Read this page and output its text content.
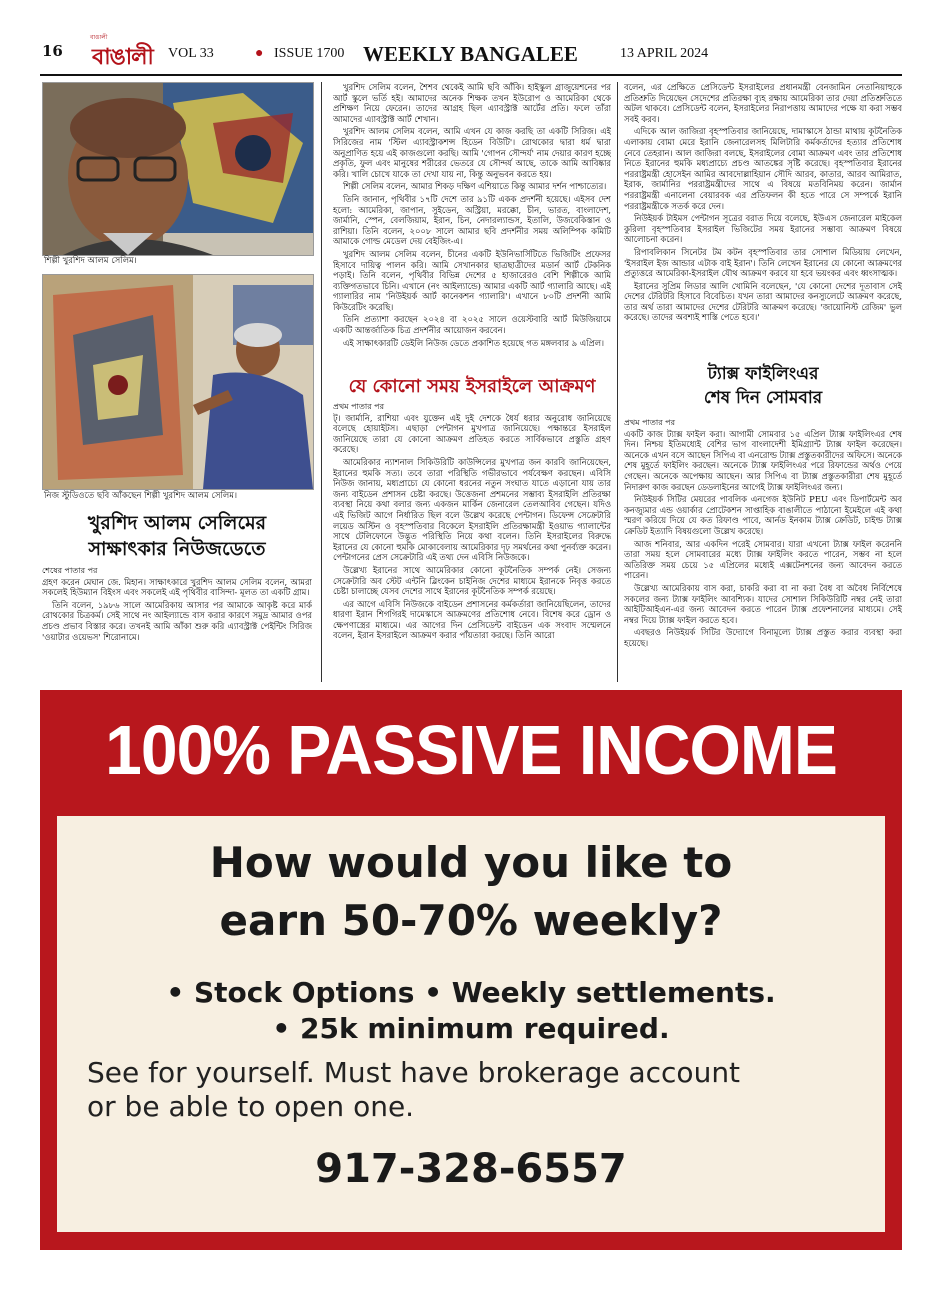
16
বাঙালী
বাঙালী VOL 33	● ISSUE 1700 WEEKLY BANGALEE	13 APRIL 2024
শিল্পী খুরশিদ আলম সেলিম।
নিজ স্টুডিওতে ছবি আঁকছেন শিল্পী খুরশিদ আলম সেলিম।
খুরশিদ আলম সেলিমের
সাক্ষাৎকার নিউজডেতে
শেষের পাতার পর

গ্রহণ করেন মেঘান জে. মিহান। সাক্ষাৎকারে খুরশিদ আলম সেলিম বলেন, আমরা সকলেই হিউম্যান বিইংস এবং সকলেই এই পৃথিবীর বাসিন্দা- মূলত তা একটি গ্রাম।

তিনি বলেন, ১৯৮৬ সালে আমেরিকায় আসার পর আমাকে আকৃষ্ট করে মার্ক রোথকোর চিত্রকর্ম। সেই সাথে নং আইল্যান্ডে বাস করার কারণে সমুদ্র আমার ওপর প্রচণ্ড প্রভাব বিস্তার করে। তখনই আমি আঁকা শুরু করি এ্যাবস্ট্রাক্ট পেইন্টিং সিরিজ 'ওয়াটার ওয়েভস' শিরোনামে।

খুরশিদ সেলিম বলেন, শৈশব থেকেই আমি ছবি আঁকি। হাইস্কুল গ্রাজুয়েশনের পর আর্ট স্কুলে ভর্তি হই। আমাদের অনেক শিক্ষক তখন ইউরোপ ও আমেরিকা থেকে প্রশিক্ষণ নিয়ে ফেরেন। তাদের আগ্রহ ছিল এ্যাবস্ট্রাক্ট আর্টের প্রতি। ফলে তাঁরা আমাদের এ্যাবস্ট্রাক্ট আর্ট শেখান।

খুরশিদ আলম সেলিম বলেন, আমি এখন যে কাজ করছি তা একটি সিরিজ। এই সিরিজের নাম 'স্টিল এ্যাবস্ট্রাকশন্স হিডেন বিউটি'। রোথকোর দ্বারা ধর্ম দ্বারা অনুপ্রাণিত হয়ে এই কাজগুলো করছি। আমি 'গোপন সৌন্দর্য' নাম দেয়ার কারণ হচ্ছে প্রকৃতি, ফুল এবং মানুষের শরীরের ভেতরে যে সৌন্দর্য আছে, তাকে আমি আবিষ্কার করি। খালি চোখে যাকে তা দেখা যায় না, কিন্তু অনুভবন করতে হয়।

শিল্পী সেলিম বলেন, আমার শিকড় দক্ষিণ এশিয়াতে কিন্তু আমার দর্শন পাশ্চাত্যের।

তিনি জানান, পৃথিবীর ১৭টি দেশে তার ৯১টি একক প্রদর্শনী হয়েছে। এইসব দেশ হলো: আমেরিকা, জাপান, সুইডেন, অস্ট্রিয়া, মরক্কো, চীন, ভারত, বাংলাদেশ, জার্মানি, স্পেন, বেলজিয়াম, ইরান, চিন, নেদারল্যান্ডস, ইতালি, উজবেকিস্তান ও রাশিয়া। তিনি বলেন, ২০০৮ সালে আমার ছবি প্রদর্শনীর সময় অলিম্পিক কমিটি আমাকে গোল্ড মেডেল দেয় বেইজিং-এ।

খুরশিদ আলম সেলিম বলেন, চীনের একটি ইউনিভার্সিটিতে ভিজিটিং প্রফেসর হিসাবে দায়িত্ব পালন করি। আমি সেখানকার ছাত্রছাত্রীদের মডার্ন আর্ট টেকনিক পড়াই। তিনি বলেন, পৃথিবীর বিভিন্ন দেশের ৫ হাজারেরও বেশি শিল্পীকে আমি ব্যক্তিগতভাবে চিনি। এখানে (নং আইল্যান্ডে) আমার একটি আর্ট গ্যালারি আছে। এই গ্যালারির নাম 'নিউইয়র্ক আর্ট কানেকশন গ্যালারি'। এখানে ৮০টি প্রদর্শনী আমি কিউরেটিং করেছি।

তিনি প্রত্যাশা করছেন ২০২৪ বা ২০২৫ সালে ওয়েস্টবারি আর্ট মিউজিয়ামে একটি আন্তর্জাতিক চিত্র প্রদর্শনীর আয়োজন করবেন।

এই সাক্ষাৎকারটি ডেইলি নিউজ ডেতে প্রকাশিত হয়েছে গত মঙ্গলবার ৯ এপ্রিল।

যে কোনো সময় ইসরাইলে আক্রমণ
প্রথম পাতার পর

ট্। জার্মানি, রাশিয়া এবং যুক্তেন এই দুই দেশকে ধৈর্য ধরার অনুরোধ জানিয়েছে বলেছে হোয়াইটস। এছাড়া পেন্টাগন মুখপাত্র জানিয়েছে। পক্ষান্তরে ইসরাইল জানিয়েছে তারা যে কোনো আক্রমণ প্রতিহত করতে সার্বিকভাবে প্রস্তুতি গ্রহণ করেছে।

আমেরিকার ন্যাশনাল সিকিউরিটি কাউন্সিলের মুখপাত্র জন কারবি জানিয়েছেন, ইরানের হুমকি সত্য। তবে তারা পরিস্থিতি গভীরভাবে পর্যবেক্ষণ করছেন। এবিসি নিউজ জানায়, মধ্যপ্রাচ্যে যে কোনো ধরনের নতুন সংঘাত যাতে এড়ানো যায় তার জন্য বাইডেন প্রশাসন চেষ্টা করছে। উত্তেজনা প্রশমনের সম্ভাব্য ইসরাইলি প্রতিরক্ষা ব্যবস্থা নিয়ে কথা বলার জন্য একজন মার্কিন জেনারেল তেলআবিব গেছেন। যদিও এই ভিজিট আগে নির্ধারিত ছিল বলে উল্লেখ করেছে পেন্টাগন। ডিফেন্স সেক্রেটারি লয়েড অস্টিন ও বৃহস্পতিবার বিকেলে ইসরাইলি প্রতিরক্ষামন্ত্রী ইওয়াভ গ্যালান্টের সাথে টেলিফোনে উদ্ভূত পরিস্থিতি নিয়ে কথা বলেন। তিনি ইসরাইলের বিরুদ্ধে ইরানের যে কোনো হুমকি মোকাবেলায় আমেরিকার দৃঢ় সমর্থনের কথা পুনর্ব্যক্ত করেন। পেন্টাগনের প্রেস সেক্রেটারি এই তথ্য দেন এবিসি নিউজকে।

উল্লেখ্য ইরানের সাথে আমেরিকার কোনো কূটনৈতিক সম্পর্ক নেই। সেজন্য সেক্রেটারি অব স্টেট এন্টনি ব্লিংকেন চাইনিজ দেশের মাধ্যমে ইরানকে নিবৃত্ত করতে চেষ্টা চালাচ্ছে যেসব দেশের সাথে ইরানের কূটনৈতিক সম্পর্ক রয়েছে।

এর আগে এবিসি নিউজকে বাইডেন প্রশাসনের কর্মকর্তারা জানিয়েছিলেন, তাদের ধারণা ইরান শিগগিরই দামেস্কাসে আক্রমণের প্রতিশোধ নেবে। বিশেষ করে ড্রোন ও ক্ষেপণাস্ত্রের মাধ্যমে। এর আগের দিন প্রেসিডেন্ট বাইডেন এক সংবাদ সম্মেলনে বলেন, ইরান ইসরাইলে আক্রমণ করার পাঁয়তারা করছে। তিনি আরো

বলেন, এর প্রেক্ষিতে প্রেসিডেন্ট ইসরাইলের প্রধানমন্ত্রী বেনজামিন নেতানিয়াহুকে প্রতিশ্রুতি দিয়েছেন সেদেশের প্রতিরক্ষা ব্যূহ রক্ষায় আমেরিকা তার দেয়া প্রতিশ্রুতিতে অটল থাকবে। প্রেসিডেন্ট বলেন, ইসরাইলের নিরাপত্তায় আমাদের পক্ষে যা করা সম্ভব সবই করব।

এদিকে আল জাজিরা বৃহস্পতিবার জানিয়েছে, দামাস্কাসে ঠান্ডা মাথায় কূটনৈতিক এলাকায় বোমা মেরে ইরানি জেনারেলসহ মিলিটারি কর্মকর্তাদের হত্যার প্রতিশোধ নেবে তেহরান। আল জাজিরা বলছে, ইসরাইলের বোমা আক্রমণ এবং তার প্রতিশোধ নিতে ইরানের হুমকি মধ্যপ্রাচ্যে প্রচণ্ড আতঙ্কের সৃষ্টি করেছে। বৃহস্পতিবার ইরানের পররাষ্ট্রমন্ত্রী হোসেইন আমির আবদোল্লাহিয়ান সৌদি আরব, কাতার, আরব আমিরাত, ইরাক, জার্মানির পররাষ্ট্রমন্ত্রীদের সাথে এ বিষয়ে মতবিনিময় করেন। জার্মান পররাষ্ট্রমন্ত্রী এনালেনা বেয়ারবক এর প্রতিফলন কী হতে পারে সে সম্পর্কে ইরানি পররাষ্ট্রমন্ত্রীকে সতর্ক করে দেন।

নিউইয়র্ক টাইমস পেন্টাগন সূত্রের বরাত দিয়ে বলেছে, ইউএস জেনারেল মাইকেল কুরিলা বৃহস্পতিবার ইসরাইল ভিজিটের সময় ইরানের সম্ভাব্য আক্রমণ বিষয়ে আলোচনা করেন।

রিপাবলিকান সিনেটর টম কটন বৃহস্পতিবার তার সোশাল মিডিয়ায় লেখেন, 'ইসরাইল ইজ আন্ডার এটাক বাই ইরান'। তিনি লেখেন ইরানের যে কোনো আক্রমণের প্রত্যুত্তরে আমেরিকা-ইসরাইল যৌথ আক্রমণ করবে যা হবে ভয়ংকর এবং ধ্বংসাত্মক।

ইরানের সুপ্রিম লিডার আলি খোমিনি বলেছেন, 'যে কোনো দেশের দূতাবাস সেই দেশের টেরিটরি হিসাবে বিবেচিত। যখন তারা আমাদের কনস্যুলেটে আক্রমণ করেছে, তার অর্থ তারা আমাদের দেশের টেরিটরি আক্রমণ করেছে। 'জায়োনিস্ট রেজিম' ভুল করেছে। তাদের অবশ্যই শাস্তি পেতে হবে।'

ট্যাক্স ফাইলিংএর
শেষ দিন সোমবার
প্রথম পাতার পর

একটি কাজ ট্যাক্স ফাইল করা। আগামী সোমবার ১৫ এপ্রিল ট্যাক্স ফাইলিংএর শেষ দিন। নিশ্চয় ইতিমধ্যেই বেশির ভাগ বাংলাদেশী ইমিগ্র্যান্ট ট্যাক্স ফাইল করেছেন। অনেকে এখন বসে আছেন সিপিএ বা এনরোল্ড ট্যাক্স প্রস্তুতকারীদের অফিসে। অনেকে শেষ মুহূর্তে ফাইলিং করছেন। অনেকে ট্যাক্স ফাইলিংএর পরে রিফান্ডের অর্থও পেয়ে গেছেন। অনেকে অপেক্ষায় আছেন। আর সিপিএ বা ট্যাক্স প্রস্তুতকারীরা শেষ মুহূর্তে নিদারুণ কাজ করছেন ডেডলাইনের আগেই ট্যাক্স ফাইলিংএর জন্য।

নিউইয়র্ক সিটির মেয়রের পাবলিক এনগেজ ইউনিট PEU এবং ডিপার্টমেন্ট অব কনজ্যুমার এন্ড ওয়ার্কার প্রোটেকশন সাপ্তাহিক বাঙালীতে পাঠানো ইমেইলে এই কথা স্মরণ করিয়ে দিয়ে যে কত রিফাণ্ড পাবে, আর্নড ইনকাম ট্যাক্স ক্রেডিট, চাইল্ড ট্যাক্স ক্রেডিট ইত্যাদি বিষয়গুলো উল্লেখ করেছে।

আজ শনিবার, আর একদিন পরেই সোমবার। যারা এখনো ট্যাক্স ফাইল করেননি তারা সময় হলে সোমবারের মধ্যে ট্যাক্স ফাইলিং করতে পারেন, সম্ভব না হলে অতিরিক্ত সময় চেয়ে ১৫ এপ্রিলের মধ্যেই এক্সটেনশনের জন্য আবেদন করতে পারেন।

উল্লেখ্য আমেরিকায় বাস করা, চাকরি করা বা না করা বৈধ বা অবৈধ নির্বিশেষে সকলের জন্য ট্যাক্স ফাইলিং আবশ্যিক। যাদের সোশাল সিকিউরিটি নম্বর নেই তারা আইটিআইএন-এর জন্য আবেদন করতে পারেন ট্যাক্স প্রফেশনালের মাধ্যমে। সেই নম্বর দিয়ে ট্যাক্স ফাইল করতে হবে।

এবছরও নিউইয়র্ক সিটির উদ্যোগে বিনামূল্যে ট্যাক্স প্রস্তুত করার ব্যবস্থা করা হয়েছে।

100% PASSIVE INCOME
How would you like to
earn 50-70% weekly?
• Stock Options • Weekly settlements.
• 25k minimum required.
See for yourself. Must have brokerage account
or be able to open one.
917-328-6557
